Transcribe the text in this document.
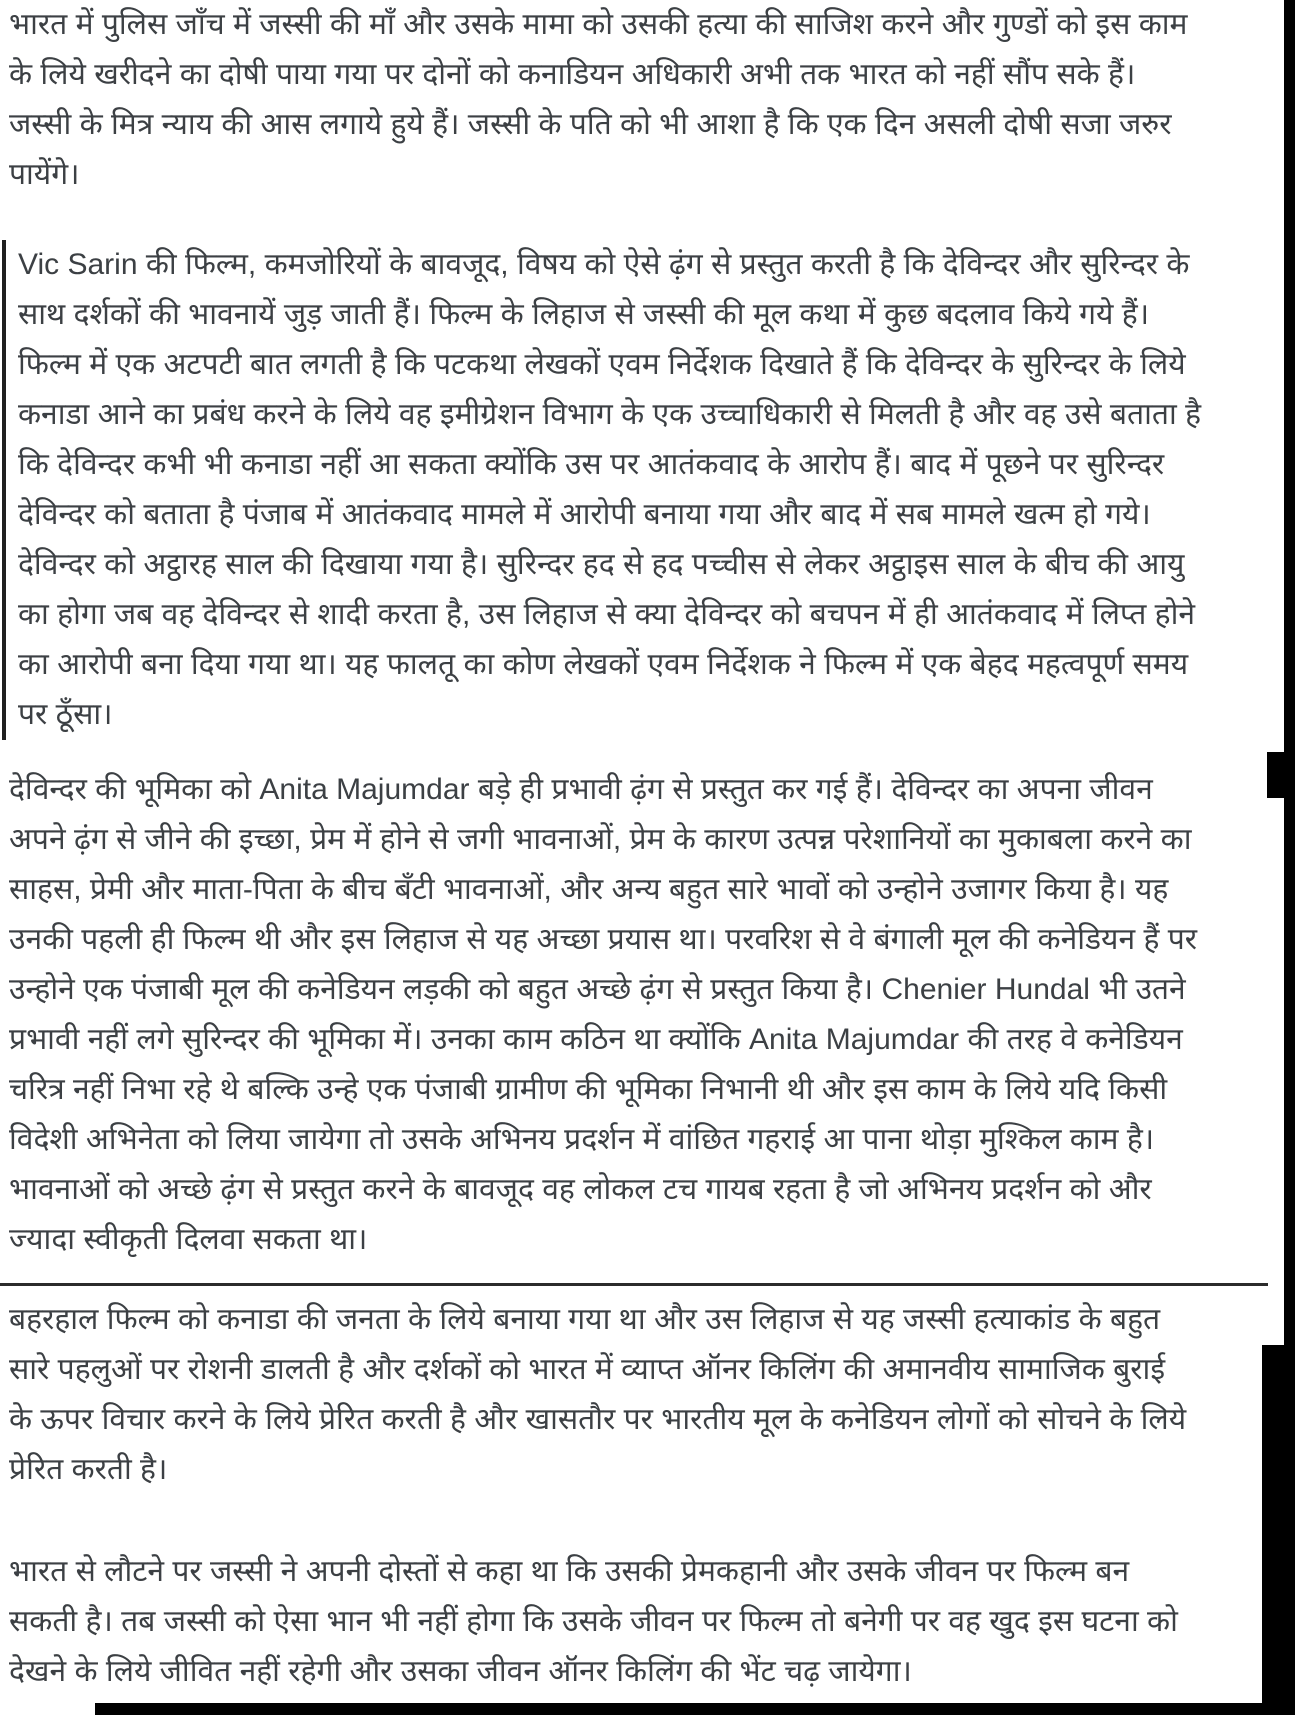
भारत में पुलिस जाँच में जस्सी की माँ और उसके मामा को उसकी हत्या की साजिश करने और गुण्डों को इस काम
के लिये खरीदने का दोषी पाया गया पर दोनों को कनाडियन अधिकारी अभी तक भारत को नहीं सौंप सके हैं।
जस्सी के मित्र न्याय की आस लगाये हुये हैं। जस्सी के पति को भी आशा है कि एक दिन असली दोषी सजा जरुर
पायेंगे।
Vic Sarin की फिल्म, कमजोरियों के बावजूद, विषय को ऐसे ढ़ंग से प्रस्तुत करती है कि देविन्दर और सुरिन्दर के
साथ दर्शकों की भावनायें जुड़ जाती हैं। फिल्म के लिहाज से जस्सी की मूल कथा में कुछ बदलाव किये गये हैं।
फिल्म में एक अटपटी बात लगती है कि पटकथा लेखकों एवम निर्देशक दिखाते हैं कि देविन्दर के सुरिन्दर के लिये
कनाडा आने का प्रबंध करने के लिये वह इमीग्रेशन विभाग के एक उच्चाधिकारी से मिलती है और वह उसे बताता है
कि देविन्दर कभी भी कनाडा नहीं आ सकता क्योंकि उस पर आतंकवाद के आरोप हैं। बाद में पूछने पर सुरिन्दर
देविन्दर को बताता है पंजाब में आतंकवाद मामले में आरोपी बनाया गया और बाद में सब मामले खत्म हो गये।
देविन्दर को अट्ठारह साल की दिखाया गया है। सुरिन्दर हद से हद पच्चीस से लेकर अट्ठाइस साल के बीच की आयु
का होगा जब वह देविन्दर से शादी करता है, उस लिहाज से क्या देविन्दर को बचपन में ही आतंकवाद में लिप्त होने
का आरोपी बना दिया गया था। यह फालतू का कोण लेखकों एवम निर्देशक ने फिल्म में एक बेहद महत्वपूर्ण समय
पर ठूँसा।
देविन्दर की भूमिका को Anita Majumdar बड़े ही प्रभावी ढ़ंग से प्रस्तुत कर गई हैं। देविन्दर का अपना जीवन
अपने ढ़ंग से जीने की इच्छा, प्रेम में होने से जगी भावनाओं, प्रेम के कारण उत्पन्न परेशानियों का मुकाबला करने का
साहस, प्रेमी और माता-पिता के बीच बँटी भावनाओं, और अन्य बहुत सारे भावों को उन्होने उजागर किया है। यह
उनकी पहली ही फिल्म थी और इस लिहाज से यह अच्छा प्रयास था। परवरिश से वे बंगाली मूल की कनेडियन हैं पर
उन्होने एक पंजाबी मूल की कनेडियन लड़की को बहुत अच्छे ढ़ंग से प्रस्तुत किया है। Chenier Hundal भी उतने
प्रभावी नहीं लगे सुरिन्दर की भूमिका में। उनका काम कठिन था क्योंकि Anita Majumdar की तरह वे कनेडियन
चरित्र नहीं निभा रहे थे बल्कि उन्हे एक पंजाबी ग्रामीण की भूमिका निभानी थी और इस काम के लिये यदि किसी
विदेशी अभिनेता को लिया जायेगा तो उसके अभिनय प्रदर्शन में वांछित गहराई आ पाना थोड़ा मुश्किल काम है।
भावनाओं को अच्छे ढ़ंग से प्रस्तुत करने के बावजूद वह लोकल टच गायब रहता है जो अभिनय प्रदर्शन को और
ज्यादा स्वीकृती दिलवा सकता था।
बहरहाल फिल्म को कनाडा की जनता के लिये बनाया गया था और उस लिहाज से यह जस्सी हत्याकांड के बहुत
सारे पहलुओं पर रोशनी डालती है और दर्शकों को भारत में व्याप्त ऑनर किलिंग की अमानवीय सामाजिक बुराई
के ऊपर विचार करने के लिये प्रेरित करती है और खासतौर पर भारतीय मूल के कनेडियन लोगों को सोचने के लिये
प्रेरित करती है।
भारत से लौटने पर जस्सी ने अपनी दोस्तों से कहा था कि उसकी प्रेमकहानी और उसके जीवन पर फिल्म बन
सकती है। तब जस्सी को ऐसा भान भी नहीं होगा कि उसके जीवन पर फिल्म तो बनेगी पर वह खुद इस घटना को
देखने के लिये जीवित नहीं रहेगी और उसका जीवन ऑनर किलिंग की भेंट चढ़ जायेगा।
